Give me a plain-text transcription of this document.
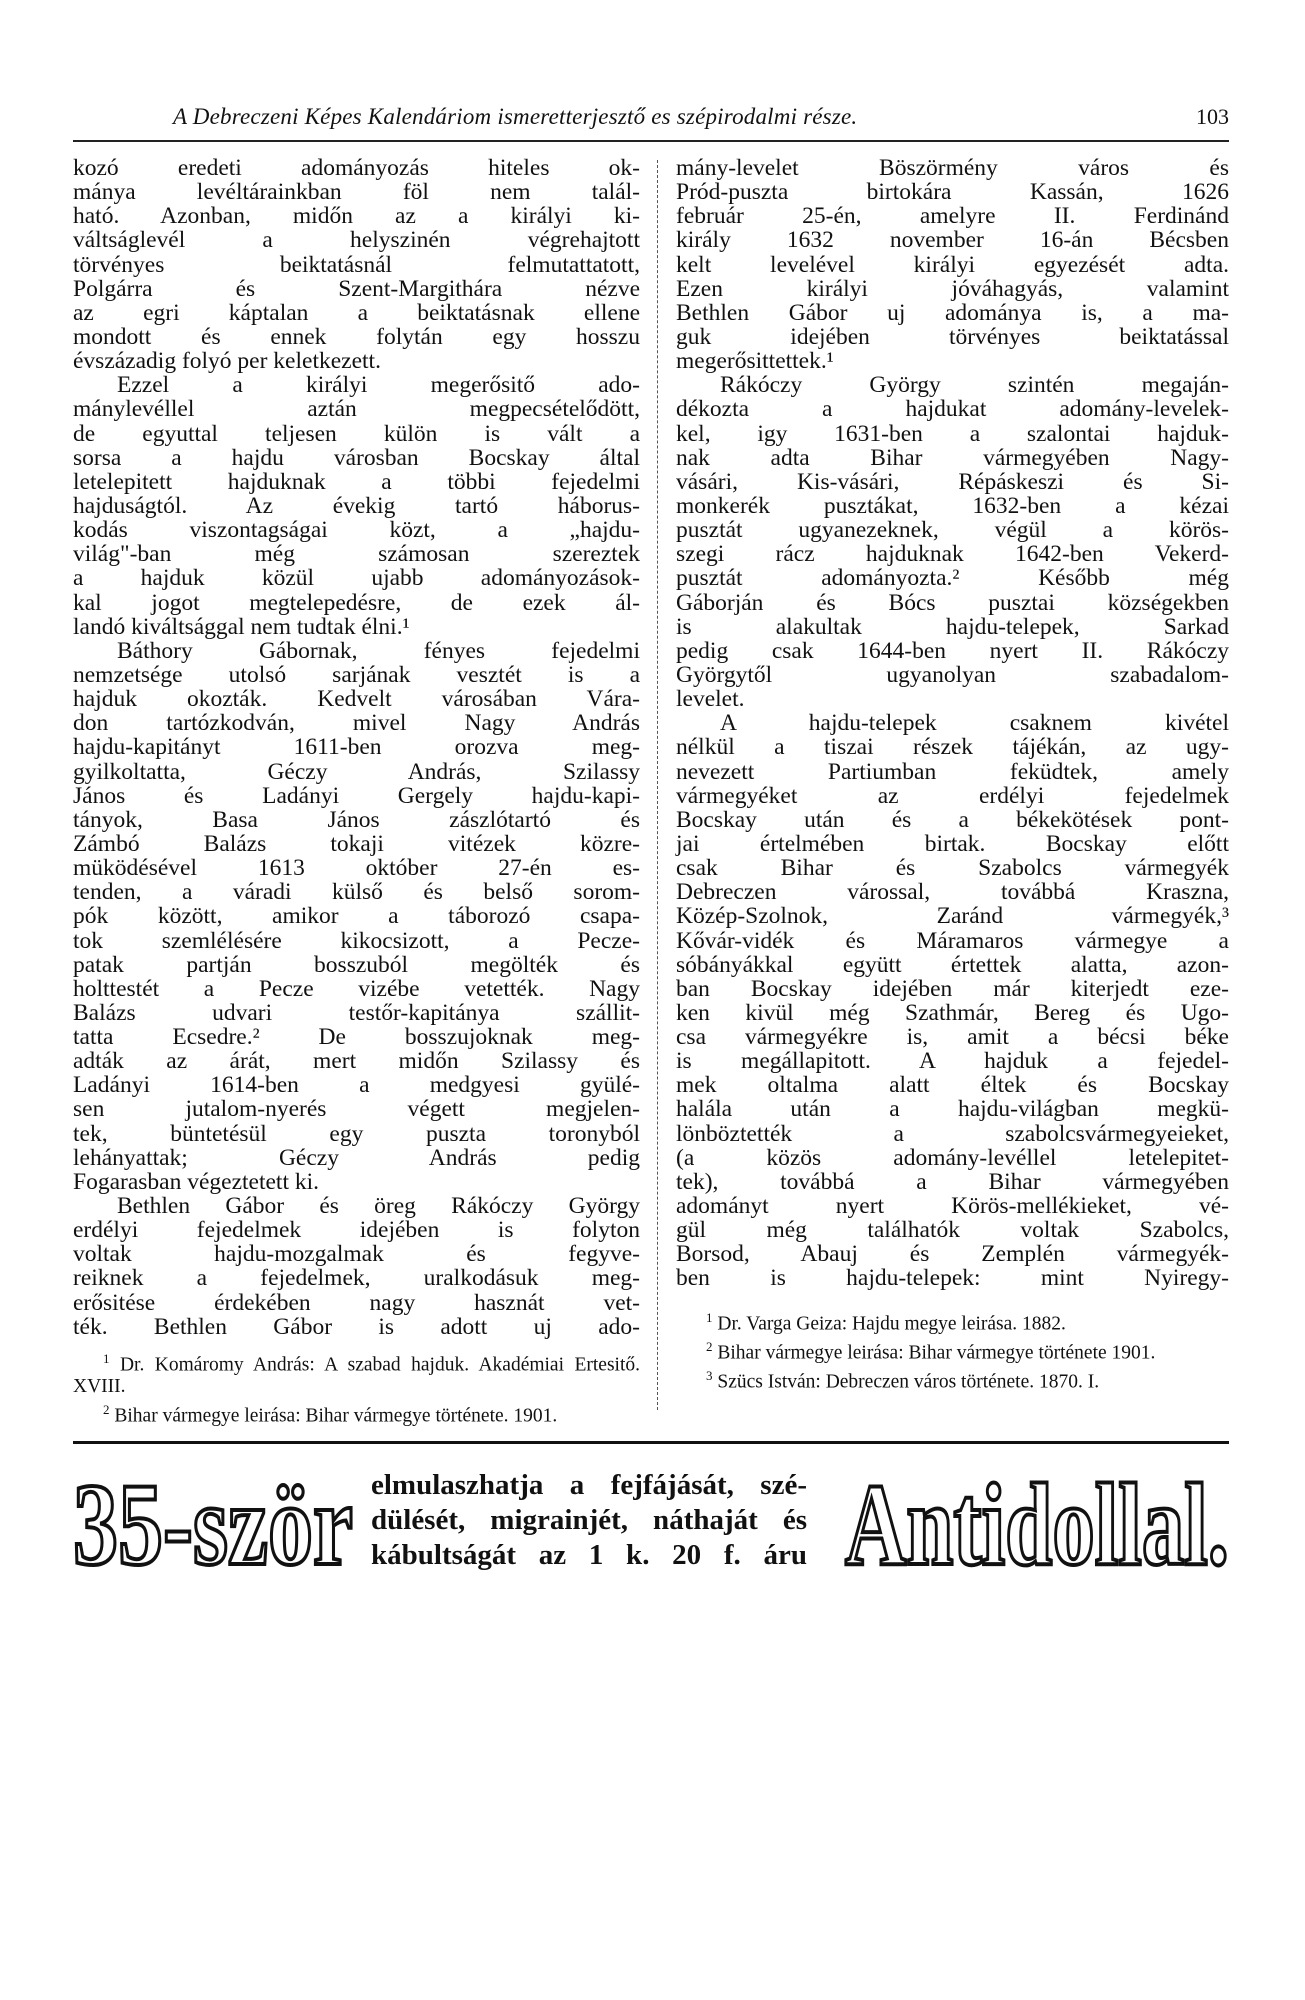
A Debreczeni Képes Kalendáriom ismeretterjesztő es szépirodalmi része.	103
kozó eredeti adományozás hiteles ok-
mánya levéltárainkban föl nem talál-
ható. Azonban, midőn az a királyi ki-
váltságlevél a helyszinén végrehajtott
törvényes beiktatásnál felmutattatott,
Polgárra és Szent-Margithára nézve
az egri káptalan a beiktatásnak ellene
mondott és ennek folytán egy hosszu
évszázadig folyó per keletkezett.
Ezzel a királyi megerősitő ado-
mánylevéllel aztán megpecsételődött,
de egyuttal teljesen külön is vált a
sorsa a hajdu városban Bocskay által
letelepitett hajduknak a többi fejedelmi
hajduságtól. Az évekig tartó háborus-
kodás viszontagságai közt, a „hajdu-
világ"-ban még számosan szereztek
a hajduk közül ujabb adományozások-
kal jogot megtelepedésre, de ezek ál-
landó kiváltsággal nem tudtak élni.¹
Báthory Gábornak, fényes fejedelmi
nemzetsége utolsó sarjának vesztét is a
hajduk okozták. Kedvelt városában Vára-
don tartózkodván, mivel Nagy András
hajdu-kapitányt 1611-ben orozva meg-
gyilkoltatta, Géczy András, Szilassy
János és Ladányi Gergely hajdu-kapi-
tányok, Basa János zászlótartó és
Zámbó Balázs tokaji vitézek közre-
müködésével 1613 október 27-én es-
tenden, a váradi külső és belső sorom-
pók között, amikor a táborozó csapa-
tok szemlélésére kikocsizott, a Pecze-
patak partján bosszuból megölték és
holttestét a Pecze vizébe vetették. Nagy
Balázs udvari testőr-kapitánya szállit-
tatta Ecsedre.² De bosszujoknak meg-
adták az árát, mert midőn Szilassy és
Ladányi 1614-ben a medgyesi gyülé-
sen jutalom-nyerés végett megjelen-
tek, büntetésül egy puszta toronyból
lehányattak; Géczy András pedig
Fogarasban végeztetett ki.
Bethlen Gábor és öreg Rákóczy György
erdélyi fejedelmek idejében is folyton
voltak hajdu-mozgalmak és fegyve-
reiknek a fejedelmek, uralkodásuk meg-
erősitése érdekében nagy hasznát vet-
ték. Bethlen Gábor is adott uj ado-
mány-levelet Böszörmény város és
Pród-puszta birtokára Kassán, 1626
február 25-én, amelyre II. Ferdinánd
király 1632 november 16-án Bécsben
kelt levelével királyi egyezését adta.
Ezen királyi jóváhagyás, valamint
Bethlen Gábor uj adománya is, a ma-
guk idejében törvényes beiktatással
megerősittettek.¹
Rákóczy György szintén megaján-
dékozta a hajdukat adomány-levelek-
kel, igy 1631-ben a szalontai hajduk-
nak adta Bihar vármegyében Nagy-
vásári, Kis-vásári, Répáskeszi és Si-
monkerék pusztákat, 1632-ben a kézai
pusztát ugyanezeknek, végül a körös-
szegi rácz hajduknak 1642-ben Vekerd-
pusztát adományozta.² Később még
Gáborján és Bócs pusztai községekben
is alakultak hajdu-telepek, Sarkad
pedig csak 1644-ben nyert II. Rákóczy
Györgytől ugyanolyan szabadalom-
levelet.
A hajdu-telepek csaknem kivétel
nélkül a tiszai részek tájékán, az ugy-
nevezett Partiumban feküdtek, amely
vármegyéket az erdélyi fejedelmek
Bocskay után és a békekötések pont-
jai értelmében birtak. Bocskay előtt
csak Bihar és Szabolcs vármegyék
Debreczen várossal, továbbá Kraszna,
Közép-Szolnok, Zaránd vármegyék,³
Kővár-vidék és Máramaros vármegye a
sóbányákkal együtt értettek alatta, azon-
ban Bocskay idejében már kiterjedt eze-
ken kivül még Szathmár, Bereg és Ugo-
csa vármegyékre is, amit a bécsi béke
is megállapitott. A hajduk a fejedel-
mek oltalma alatt éltek és Bocskay
halála után a hajdu-világban megkü-
lönböztették a szabolcsvármegyeieket,
(a közös adomány-levéllel letelepitet-
tek), továbbá a Bihar vármegyében
adományt nyert Körös-mellékieket, vé-
gül még találhatók voltak Szabolcs,
Borsod, Abauj és Zemplén vármegyék-
ben is hajdu-telepek: mint Nyiregy-
$^1$ Dr. Komáromy András: A szabad hajduk. Akadémiai Ertesitő. XVIII.
$^2$ Bihar vármegye leirása: Bihar vármegye története. 1901.
$^1$ Dr. Varga Geiza: Hajdu megye leirása. 1882.
$^2$ Bihar vármegye leirása: Bihar vármegye története 1901.
$^3$ Szücs István: Debreczen város története. 1870. I.
35-ször elmulaszhatja a fejfájását, szé-
dülését, migrainjét, náthaját és
kábultságát az 1 k. 20 f. áru Antidollal.
